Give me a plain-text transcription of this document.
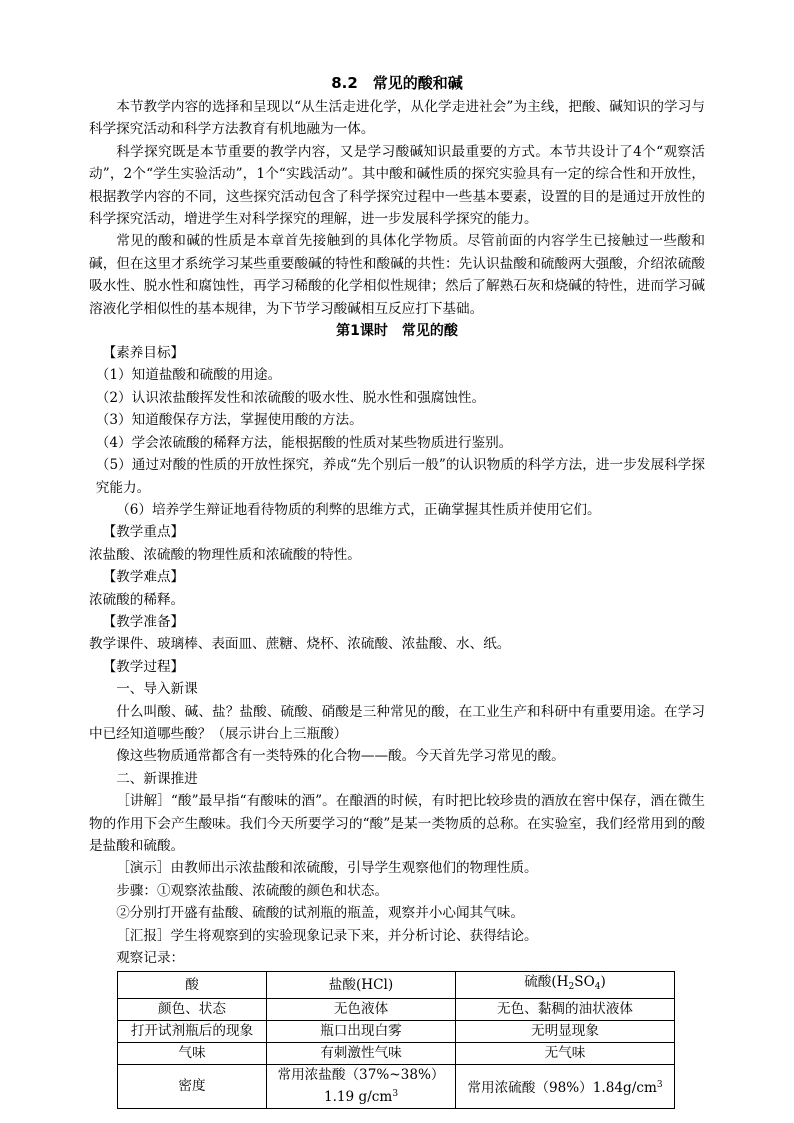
8.2　常见的酸和碱

本节教学内容的选择和呈现以“从生活走进化学，从化学走进社会”为主线，把酸、碱知识的学习与科学探究活动和科学方法教育有机地融为一体。

科学探究既是本节重要的教学内容，又是学习酸碱知识最重要的方式。本节共设计了4个“观察活动”，2个“学生实验活动”，1个“实践活动”。其中酸和碱性质的探究实验具有一定的综合性和开放性，根据教学内容的不同，这些探究活动包含了科学探究过程中一些基本要素，设置的目的是通过开放性的科学探究活动，增进学生对科学探究的理解，进一步发展科学探究的能力。

常见的酸和碱的性质是本章首先接触到的具体化学物质。尽管前面的内容学生已接触过一些酸和碱，但在这里才系统学习某些重要酸碱的特性和酸碱的共性：先认识盐酸和硫酸两大强酸，介绍浓硫酸吸水性、脱水性和腐蚀性，再学习稀酸的化学相似性规律；然后了解熟石灰和烧碱的特性，进而学习碱溶液化学相似性的基本规律，为下节学习酸碱相互反应打下基础。

第1课时　常见的酸

【素养目标】

（1）知道盐酸和硫酸的用途。

（2）认识浓盐酸挥发性和浓硫酸的吸水性、脱水性和强腐蚀性。

（3）知道酸保存方法，掌握使用酸的方法。

（4）学会浓硫酸的稀释方法，能根据酸的性质对某些物质进行鉴别。

（5）通过对酸的性质的开放性探究，养成“先个别后一般”的认识物质的科学方法，进一步发展科学探究能力。

（6）培养学生辩证地看待物质的利弊的思维方式，正确掌握其性质并使用它们。

【教学重点】

浓盐酸、浓硫酸的物理性质和浓硫酸的特性。

【教学难点】

浓硫酸的稀释。

【教学准备】

教学课件、玻璃棒、表面皿、蔗糖、烧杯、浓硫酸、浓盐酸、水、纸。

【教学过程】

一、导入新课

什么叫酸、碱、盐？盐酸、硫酸、硝酸是三种常见的酸，在工业生产和科研中有重要用途。在学习中已经知道哪些酸？（展示讲台上三瓶酸）

像这些物质通常都含有一类特殊的化合物——酸。今天首先学习常见的酸。

二、新课推进

［讲解］“酸”最早指“有酸味的酒”。在酿酒的时候，有时把比较珍贵的酒放在窖中保存，酒在微生物的作用下会产生酸味。我们今天所要学习的“酸”是某一类物质的总称。在实验室，我们经常用到的酸是盐酸和硫酸。

［演示］由教师出示浓盐酸和浓硫酸，引导学生观察他们的物理性质。

步骤：①观察浓盐酸、浓硫酸的颜色和状态。

②分别打开盛有盐酸、硫酸的试剂瓶的瓶盖，观察并小心闻其气味。

［汇报］学生将观察到的实验现象记录下来，并分析讨论、获得结论。

观察记录：

酸	盐酸(HCl)	硫酸$(H_2SO_4)$
颜色、状态	无色液体	无色、黏稠的油状液体
打开试剂瓶后的现象	瓶口出现白雾	无明显现象
气味	有刺激性气味	无气味
密度	常用浓盐酸（37%~38%）
1.19 $g/cm^3$	常用浓硫酸$(98\%)1.84g/cm^3$
